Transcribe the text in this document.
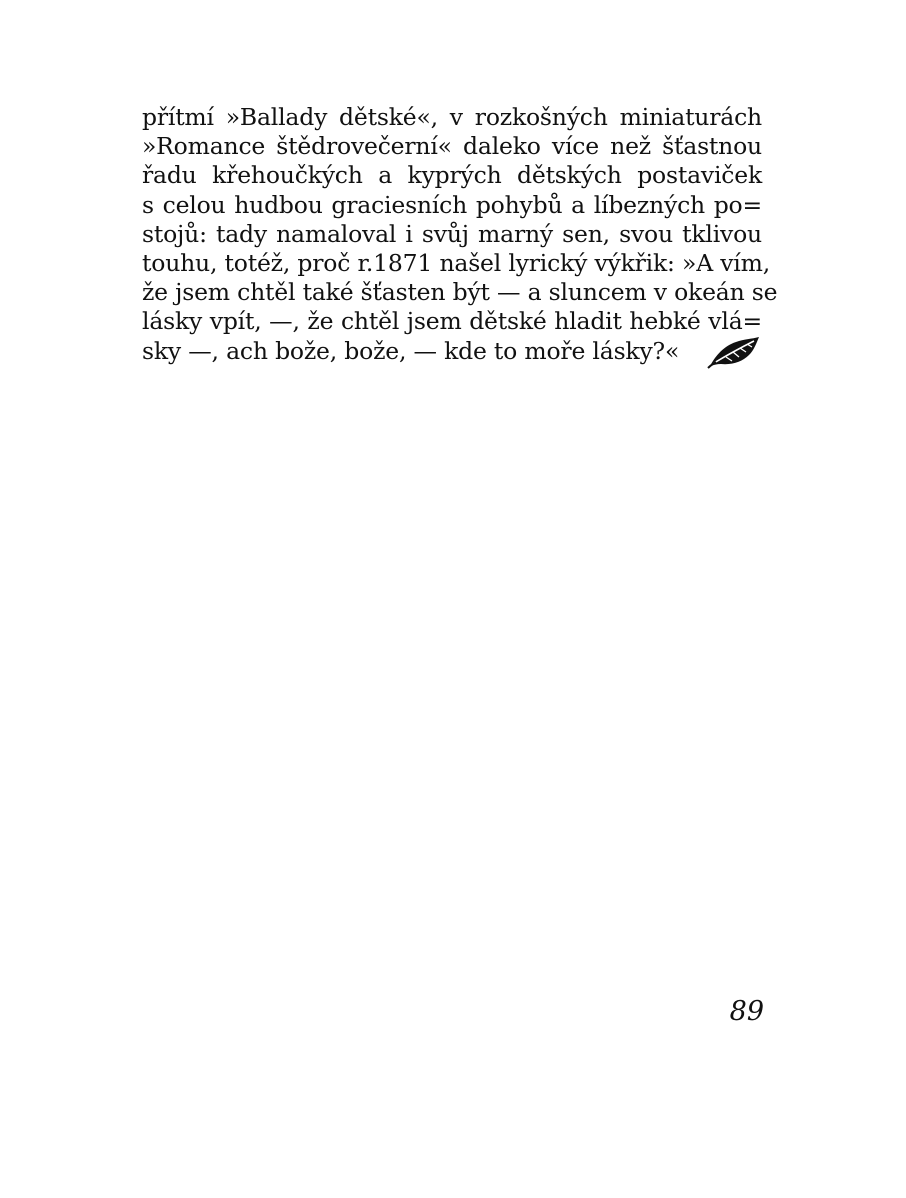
přítmí »Ballady dětské«, v rozkošných miniaturách
»Romance štědrovečerní« daleko více než šťastnou
řadu křehoučkých a kyprých dětských postaviček
s celou hudbou graciesních pohybů a líbezných po=
stojů: tady namaloval i svůj marný sen, svou tklivou
touhu, totéž, proč r.1871 našel lyrický výkřik: »A vím,
že jsem chtěl také šťasten být — a sluncem v okeán se
lásky vpít, —, že chtěl jsem dětské hladit hebké vlá=
sky —, ach bože, bože, — kde to moře lásky?«
89
